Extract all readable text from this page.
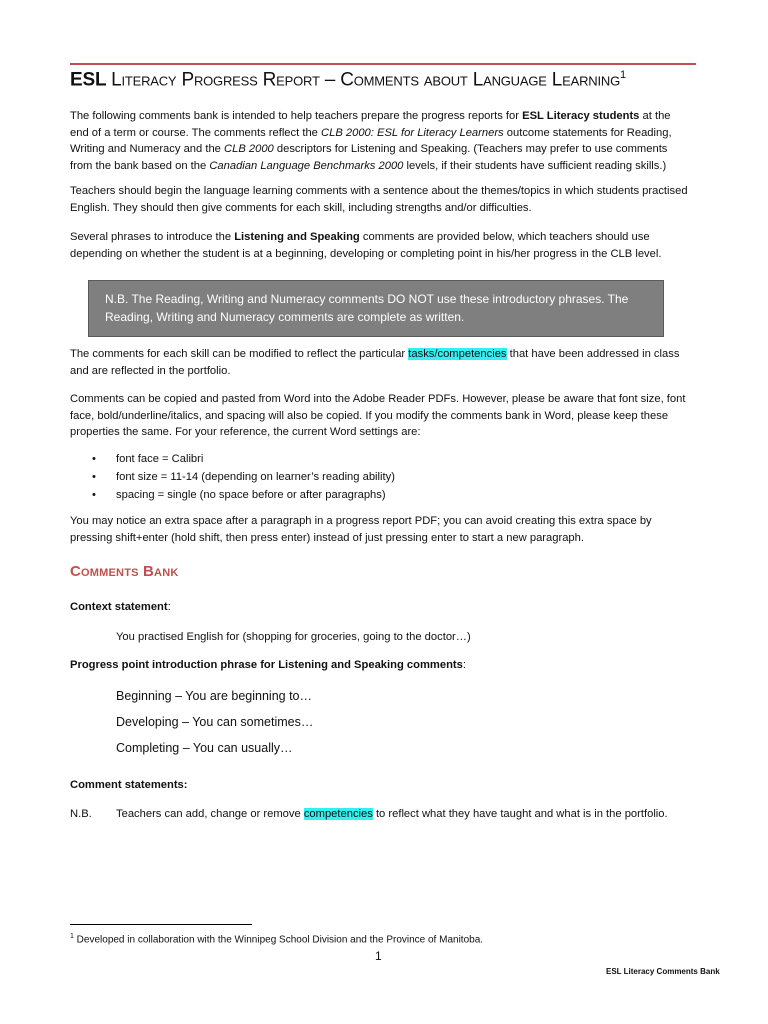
ESL Literacy Progress Report – Comments about Language Learning$^1$
The following comments bank is intended to help teachers prepare the progress reports for ESL Literacy students at the end of a term or course. The comments reflect the CLB 2000: ESL for Literacy Learners outcome statements for Reading, Writing and Numeracy and the CLB 2000 descriptors for Listening and Speaking. (Teachers may prefer to use comments from the bank based on the Canadian Language Benchmarks 2000 levels, if their students have sufficient reading skills.)
Teachers should begin the language learning comments with a sentence about the themes/topics in which students practised English. They should then give comments for each skill, including strengths and/or difficulties.
Several phrases to introduce the Listening and Speaking comments are provided below, which teachers should use depending on whether the student is at a beginning, developing or completing point in his/her progress in the CLB level.
N.B. The Reading, Writing and Numeracy comments DO NOT use these introductory phrases. The Reading, Writing and Numeracy comments are complete as written.
The comments for each skill can be modified to reflect the particular tasks/competencies that have been addressed in class and are reflected in the portfolio.
Comments can be copied and pasted from Word into the Adobe Reader PDFs. However, please be aware that font size, font face, bold/underline/italics, and spacing will also be copied. If you modify the comments bank in Word, please keep these properties the same. For your reference, the current Word settings are:
• font face = Calibri
• font size = 11-14 (depending on learner’s reading ability)
• spacing = single (no space before or after paragraphs)
You may notice an extra space after a paragraph in a progress report PDF; you can avoid creating this extra space by pressing shift+enter (hold shift, then press enter) instead of just pressing enter to start a new paragraph.
Comments Bank
Context statement:
You practised English for (shopping for groceries, going to the doctor…)
Progress point introduction phrase for Listening and Speaking comments:
Beginning – You are beginning to…
Developing – You can sometimes…
Completing – You can usually…
Comment statements:
N.B. Teachers can add, change or remove competencies to reflect what they have taught and what is in the portfolio.
$^1$ Developed in collaboration with the Winnipeg School Division and the Province of Manitoba.
1
ESL Literacy Comments Bank
